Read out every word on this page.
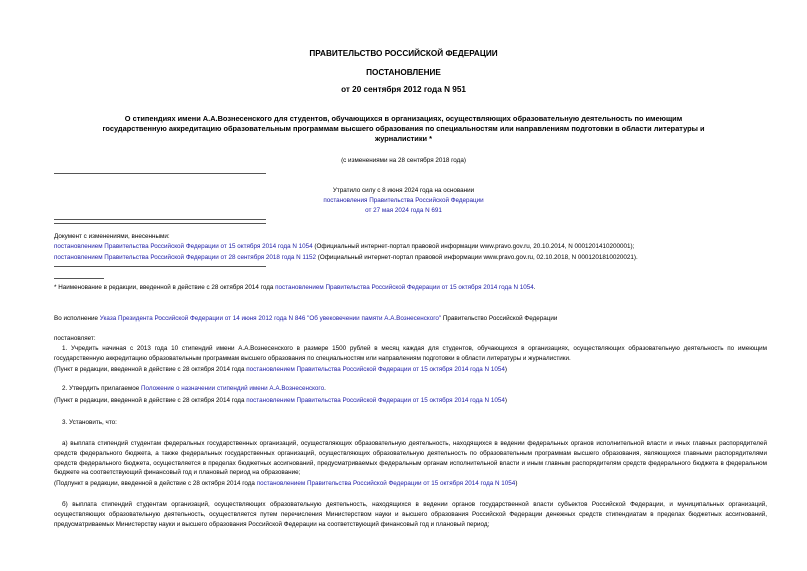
ПРАВИТЕЛЬСТВО РОССИЙСКОЙ ФЕДЕРАЦИИ
ПОСТАНОВЛЕНИЕ
от 20 сентября 2012 года N 951
О стипендиях имени А.А.Вознесенского для студентов, обучающихся в организациях, осуществляющих образовательную деятельность по имеющим
государственную аккредитацию образовательным программам высшего образования по специальностям или направлениям подготовки в области литературы и
журналистики *
(с изменениями на 28 сентября 2018 года)
Утратило силу с 8 июня 2024 года на основании
постановления Правительства Российской Федерации
от 27 мая 2024 года N 691
Документ с изменениями, внесенными:
постановлением Правительства Российской Федерации от 15 октября 2014 года N 1054 (Официальный интернет-портал правовой информации www.pravo.gov.ru, 20.10.2014, N 0001201410200001);
постановлением Правительства Российской Федерации от 28 сентября 2018 года N 1152 (Официальный интернет-портал правовой информации www.pravo.gov.ru, 02.10.2018, N 0001201810020021).
* Наименование в редакции, введенной в действие с 28 октября 2014 года постановлением Правительства Российской Федерации от 15 октября 2014 года N 1054.
Во исполнение Указа Президента Российской Федерации от 14 июня 2012 года N 846 "Об увековечении памяти А.А.Вознесенского" Правительство Российской Федерации
постановляет:
1. Учредить начиная с 2013 года 10 стипендий имени А.А.Вознесенского в размере 1500 рублей в месяц каждая для студентов, обучающихся в организациях, осуществляющих образовательную деятельность по имеющим государственную аккредитацию образовательным программам высшего образования по специальностям или направлениям подготовки в области литературы и журналистики.
(Пункт в редакции, введенной в действие с 28 октября 2014 года постановлением Правительства Российской Федерации от 15 октября 2014 года N 1054)
2. Утвердить прилагаемое Положение о назначении стипендий имени А.А.Вознесенского.
(Пункт в редакции, введенной в действие с 28 октября 2014 года постановлением Правительства Российской Федерации от 15 октября 2014 года N 1054)
3. Установить, что:
а) выплата стипендий студентам федеральных государственных организаций, осуществляющих образовательную деятельность, находящихся в ведении федеральных органов исполнительной власти и иных главных распорядителей средств федерального бюджета, а также федеральных государственных организаций, осуществляющих образовательную деятельность по образовательным программам высшего образования, являющихся главными распорядителями средств федерального бюджета, осуществляется в пределах бюджетных ассигнований, предусматриваемых федеральным органам исполнительной власти и иным главным распорядителям средств федерального бюджета в федеральном бюджете на соответствующий финансовый год и плановый период на образование;
(Подпункт в редакции, введенной в действие с 28 октября 2014 года постановлением Правительства Российской Федерации от 15 октября 2014 года N 1054)
б) выплата стипендий студентам организаций, осуществляющих образовательную деятельность, находящихся в ведении органов государственной власти субъектов Российской Федерации, и муниципальных организаций, осуществляющих образовательную деятельность, осуществляется путем перечисления Министерством науки и высшего образования Российской Федерации денежных средств стипендиатам в пределах бюджетных ассигнований, предусматриваемых Министерству науки и высшего образования Российской Федерации на соответствующий финансовый год и плановый период;
